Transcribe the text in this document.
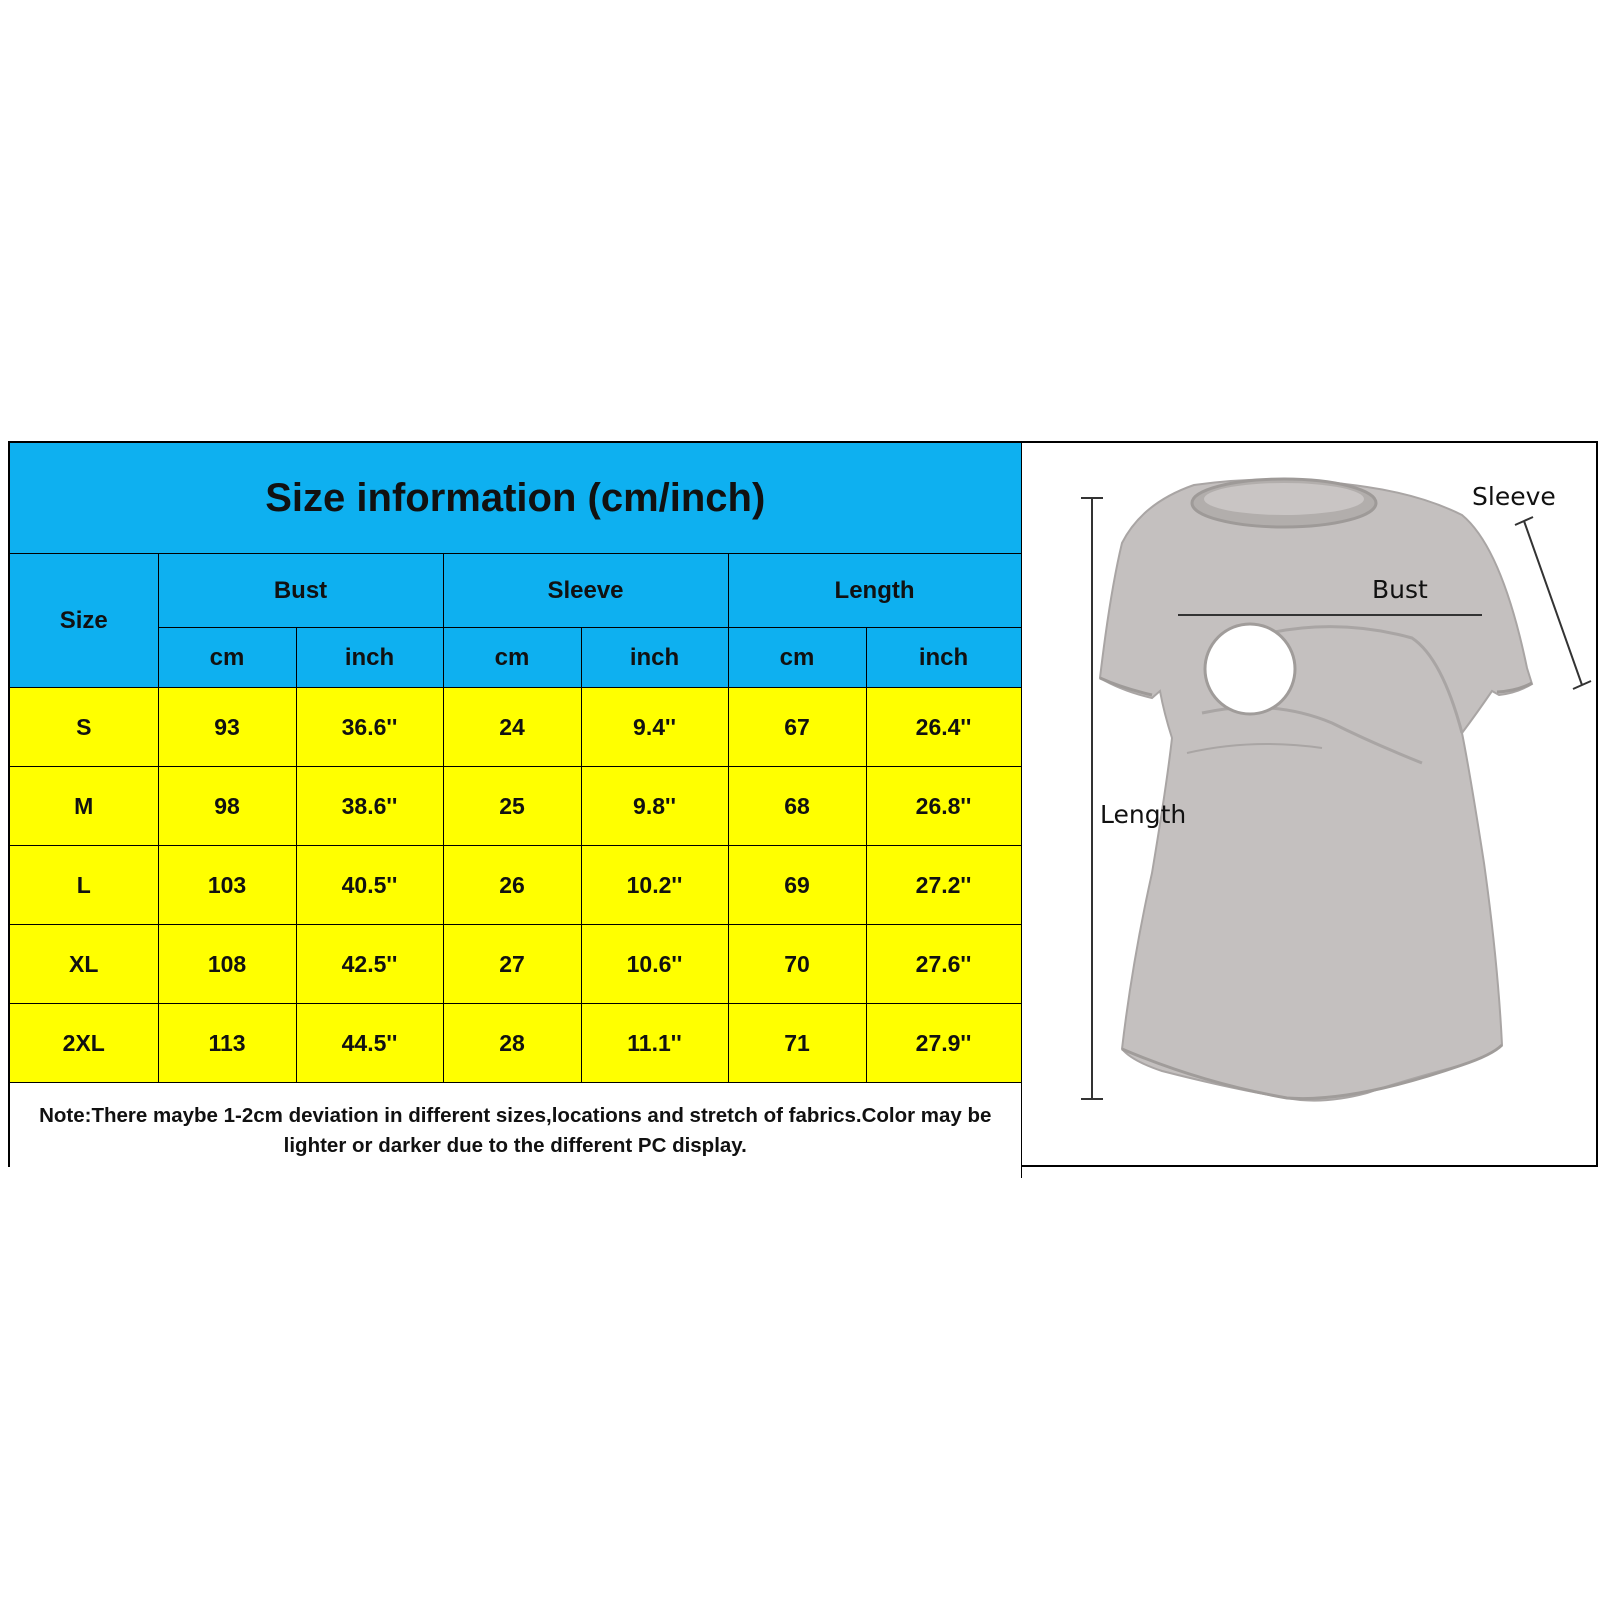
Size information (cm/inch)						
Size	Bust		Sleeve		Length	
	cm	inch	cm	inch	cm	inch
S	93	36.6''	24	9.4''	67	26.4''
M	98	38.6''	25	9.8''	68	26.8''
L	103	40.5''	26	10.2''	69	27.2''
XL	108	42.5''	27	10.6''	70	27.6''
2XL	113	44.5''	28	11.1''	71	27.9''
Note:There maybe 1-2cm deviation in different sizes,locations and stretch of fabrics.Color may be lighter or darker due to the different PC display.						
Sleeve
Bust
Length
